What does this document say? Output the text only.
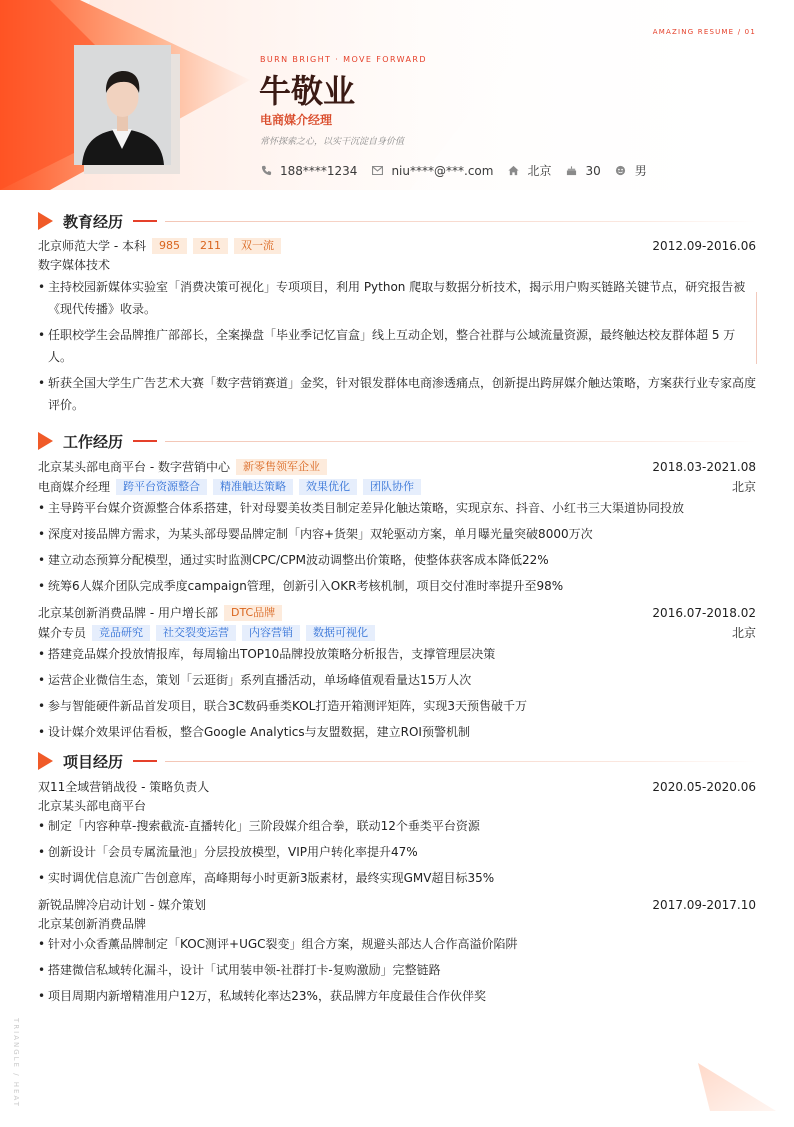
AMAZING RESUME / 01
BURN BRIGHT · MOVE FORWARD
牛敬业
电商媒介经理
常怀探索之心，以实干沉淀自身价值
188****1234	niu****@***.com	北京	30	男
TRIANGLE / HEAT
教育经历
北京师范大学 - 本科	985	211	双一流	2012.09-2016.06
数字媒体技术
• 主持校园新媒体实验室「消费决策可视化」专项项目，利用 Python 爬取与数据分析技术，揭示用户购买链路关键节点，研究报告被《现代传播》收录。
• 任职校学生会品牌推广部部长，全案操盘「毕业季记忆盲盒」线上互动企划，整合社群与公域流量资源，最终触达校友群体超 5 万人。
• 斩获全国大学生广告艺术大赛「数字营销赛道」金奖，针对银发群体电商渗透痛点，创新提出跨屏媒介触达策略，方案获行业专家高度评价。
工作经历
北京某头部电商平台 - 数字营销中心	新零售领军企业	2018.03-2021.08
电商媒介经理	跨平台资源整合	精准触达策略	效果优化	团队协作	北京
• 主导跨平台媒介资源整合体系搭建，针对母婴美妆类目制定差异化触达策略，实现京东、抖音、小红书三大渠道协同投放
• 深度对接品牌方需求，为某头部母婴品牌定制「内容+货架」双轮驱动方案，单月曝光量突破8000万次
• 建立动态预算分配模型，通过实时监测CPC/CPM波动调整出价策略，使整体获客成本降低22%
• 统筹6人媒介团队完成季度campaign管理，创新引入OKR考核机制，项目交付准时率提升至98%
北京某创新消费品牌 - 用户增长部	DTC品牌	2016.07-2018.02
媒介专员	竞品研究	社交裂变运营	内容营销	数据可视化	北京
• 搭建竞品媒介投放情报库，每周输出TOP10品牌投放策略分析报告，支撑管理层决策
• 运营企业微信生态，策划「云逛街」系列直播活动，单场峰值观看量达15万人次
• 参与智能硬件新品首发项目，联合3C数码垂类KOL打造开箱测评矩阵，实现3天预售破千万
• 设计媒介效果评估看板，整合Google Analytics与友盟数据，建立ROI预警机制
项目经历
双11全域营销战役 - 策略负责人	2020.05-2020.06
北京某头部电商平台
• 制定「内容种草-搜索截流-直播转化」三阶段媒介组合拳，联动12个垂类平台资源
• 创新设计「会员专属流量池」分层投放模型，VIP用户转化率提升47%
• 实时调优信息流广告创意库，高峰期每小时更新3版素材，最终实现GMV超目标35%
新锐品牌冷启动计划 - 媒介策划	2017.09-2017.10
北京某创新消费品牌
• 针对小众香薰品牌制定「KOC测评+UGC裂变」组合方案，规避头部达人合作高溢价陷阱
• 搭建微信私域转化漏斗，设计「试用装申领-社群打卡-复购激励」完整链路
• 项目周期内新增精准用户12万，私域转化率达23%，获品牌方年度最佳合作伙伴奖
